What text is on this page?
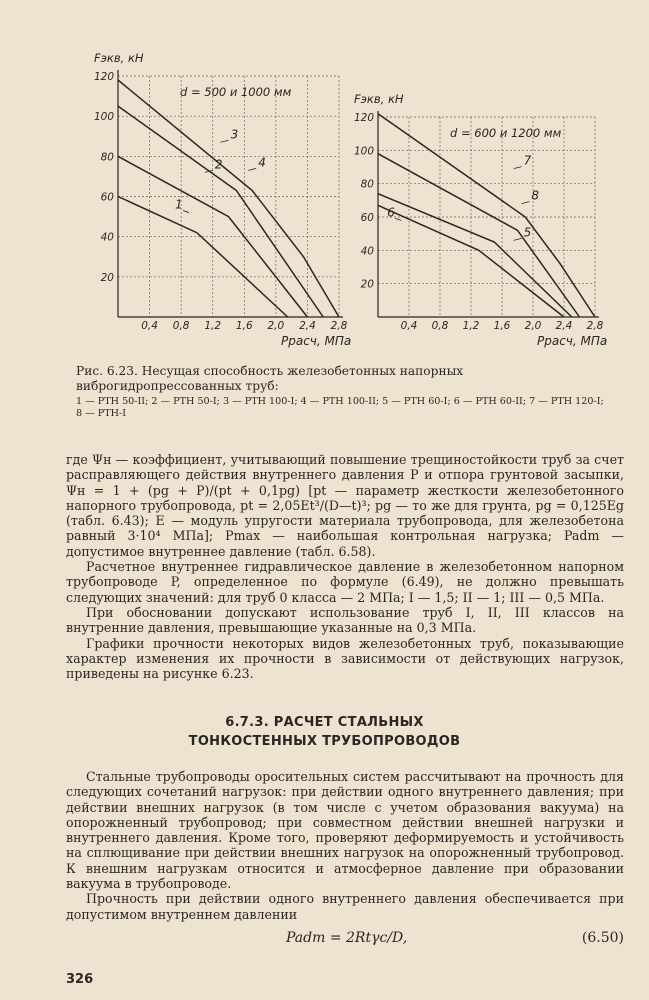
0,4 0,8 1,2 1,6 2,0 2,4 2,8
120
100
80
60
40
20
Fэкв, кН
Pрасч, МПа
d = 500 и 1000 мм
1
2
3
4
0,4 0,8 1,2 1,6 2,0 2,4 2,8
120
100
80
60
40
20
Fэкв, кН
Pрасч, МПа
d = 600 и 1200 мм
6
5
8
7
Рис. 6.23. Несущая способность железобетонных напорных виброгидропрессованных труб:
1 — РТН 50-II; 2 — РТН 50-I; 3 — РТН 100-I; 4 — РТН 100-II; 5 — РТН 60-I; 6 — РТН 60-II; 7 — РТН 120-I; 8 — РТН-I

где Ψн — коэффициент, учитывающий повышение трещиностойкости труб за счет расправляющего действия внутреннего давления P и отпора грунтовой засыпки, Ψн = 1 + (pg + P)/(pt + 0,1pg) [pt — параметр жесткости железобетонного напорного трубопровода, pt = 2,05Et³/(D—t)³; pg — то же для грунта, pg = 0,125Eg (табл. 6.43); E — модуль упругости материала трубопровода, для железобетона равный 3·10⁴ МПа]; Pmax — наибольшая контрольная нагрузка; Padm — допустимое внутреннее давление (табл. 6.58).

Расчетное внутреннее гидравлическое давление в железобетонном напорном трубопроводе P, определенное по формуле (6.49), не должно превышать следующих значений: для труб 0 класса — 2 МПа; I — 1,5; II — 1; III — 0,5 МПа.

При обосновании допускают использование труб I, II, III классов на внутренние давления, превышающие указанные на 0,3 МПа.

Графики прочности некоторых видов железобетонных труб, показывающие характер изменения их прочности в зависимости от действующих нагрузок, приведены на рисунке 6.23.

6.7.3. РАСЧЕТ СТАЛЬНЫХ
ТОНКОСТЕННЫХ ТРУБОПРОВОДОВ

Стальные трубопроводы оросительных систем рассчитывают на прочность для следующих сочетаний нагрузок: при действии одного внутреннего давления; при действии внешних нагрузок (в том числе с учетом образования вакуума) на опорожненный трубопровод; при совместном действии внешней нагрузки и внутреннего давления. Кроме того, проверяют деформируемость и устойчивость на сплющивание при действии внешних нагрузок на опорожненный трубопровод. К внешним нагрузкам относится и атмосферное давление при образовании вакуума в трубопроводе.

Прочность при действии одного внутреннего давления обеспечивается при допустимом внутреннем давлении

Padm = 2Rtγc/D,	(6.50)
326
